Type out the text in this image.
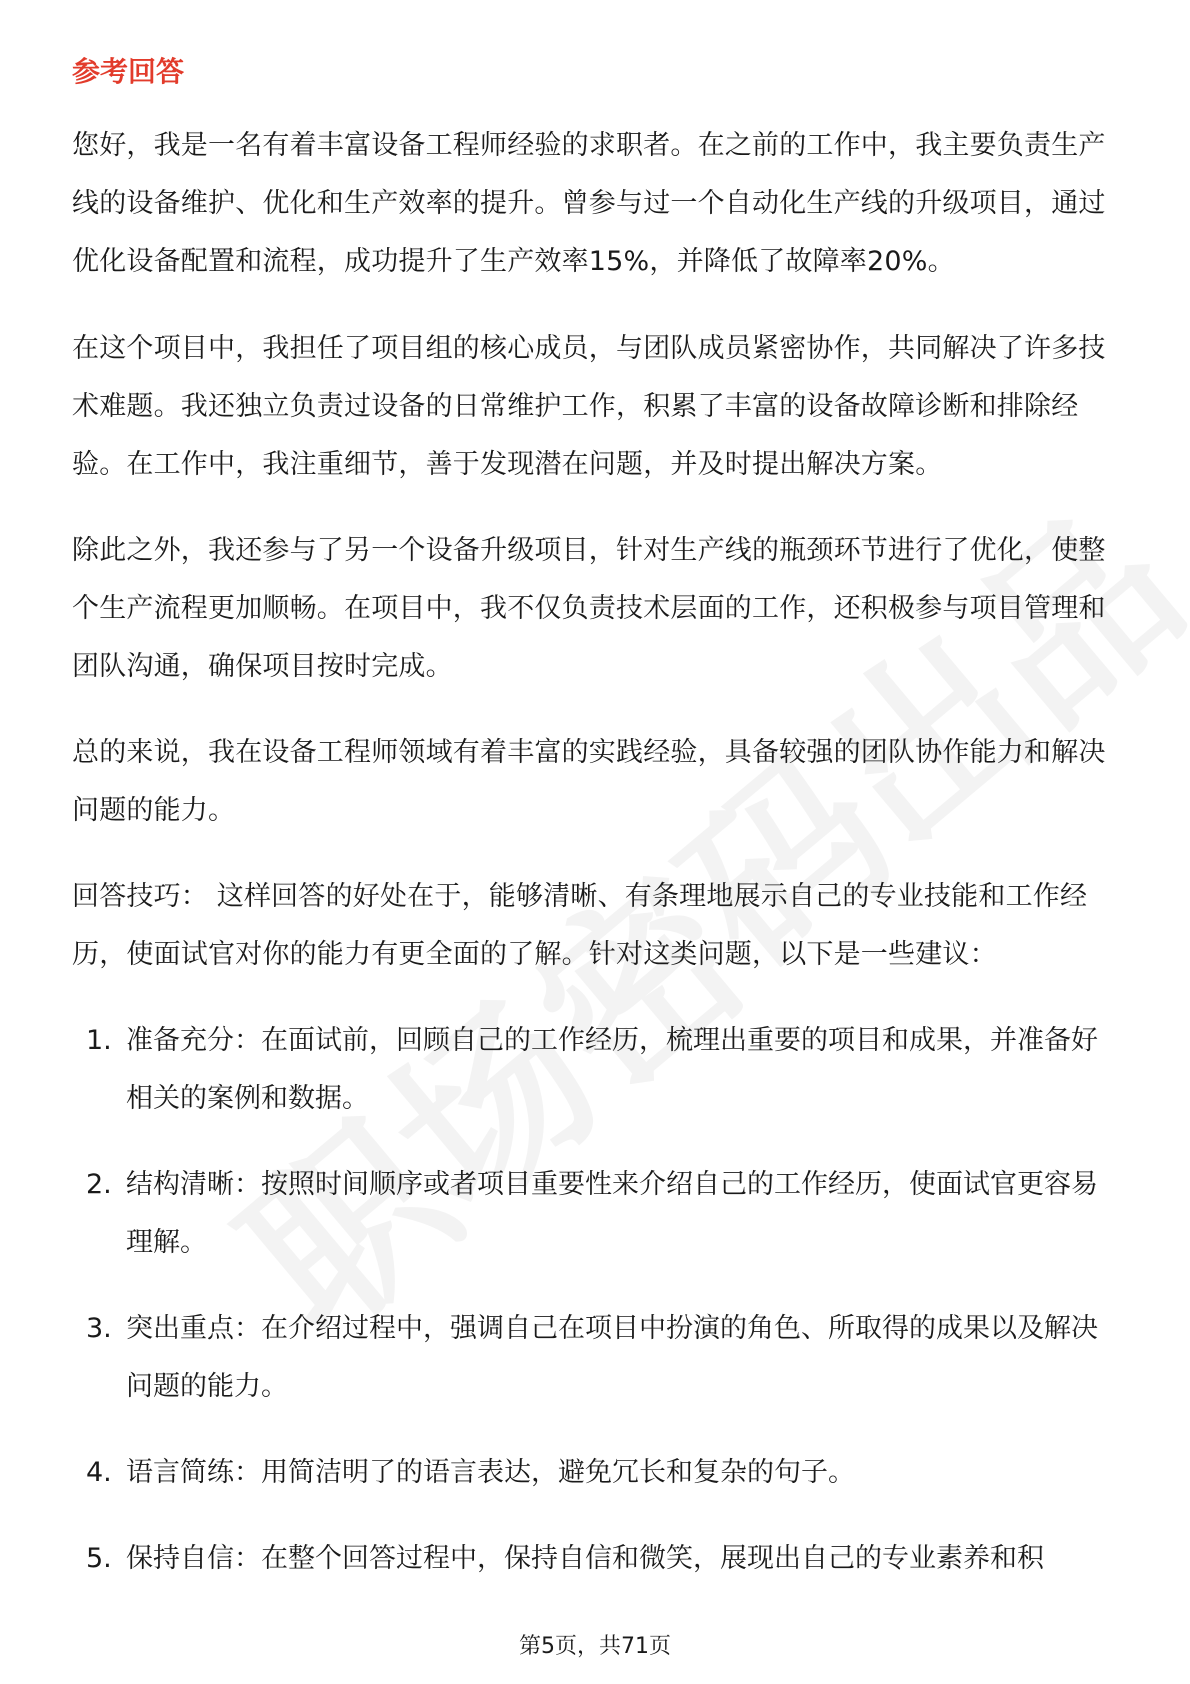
参考回答

您好，我是一名有着丰富设备工程师经验的求职者。在之前的工作中，我主要负责生产线的设备维护、优化和生产效率的提升。曾参与过一个自动化生产线的升级项目，通过优化设备配置和流程，成功提升了生产效率15%，并降低了故障率20%。

在这个项目中，我担任了项目组的核心成员，与团队成员紧密协作，共同解决了许多技术难题。我还独立负责过设备的日常维护工作，积累了丰富的设备故障诊断和排除经验。在工作中，我注重细节，善于发现潜在问题，并及时提出解决方案。

除此之外，我还参与了另一个设备升级项目，针对生产线的瓶颈环节进行了优化，使整个生产流程更加顺畅。在项目中，我不仅负责技术层面的工作，还积极参与项目管理和团队沟通，确保项目按时完成。

总的来说，我在设备工程师领域有着丰富的实践经验，具备较强的团队协作能力和解决问题的能力。

回答技巧： 这样回答的好处在于，能够清晰、有条理地展示自己的专业技能和工作经历，使面试官对你的能力有更全面的了解。针对这类问题，以下是一些建议：

1. 准备充分：在面试前，回顾自己的工作经历，梳理出重要的项目和成果，并准备好相关的案例和数据。
2. 结构清晰：按照时间顺序或者项目重要性来介绍自己的工作经历，使面试官更容易理解。
3. 突出重点：在介绍过程中，强调自己在项目中扮演的角色、所取得的成果以及解决问题的能力。
4. 语言简练：用简洁明了的语言表达，避免冗长和复杂的句子。
5. 保持自信：在整个回答过程中，保持自信和微笑，展现出自己的专业素养和积
第5页，共71页
